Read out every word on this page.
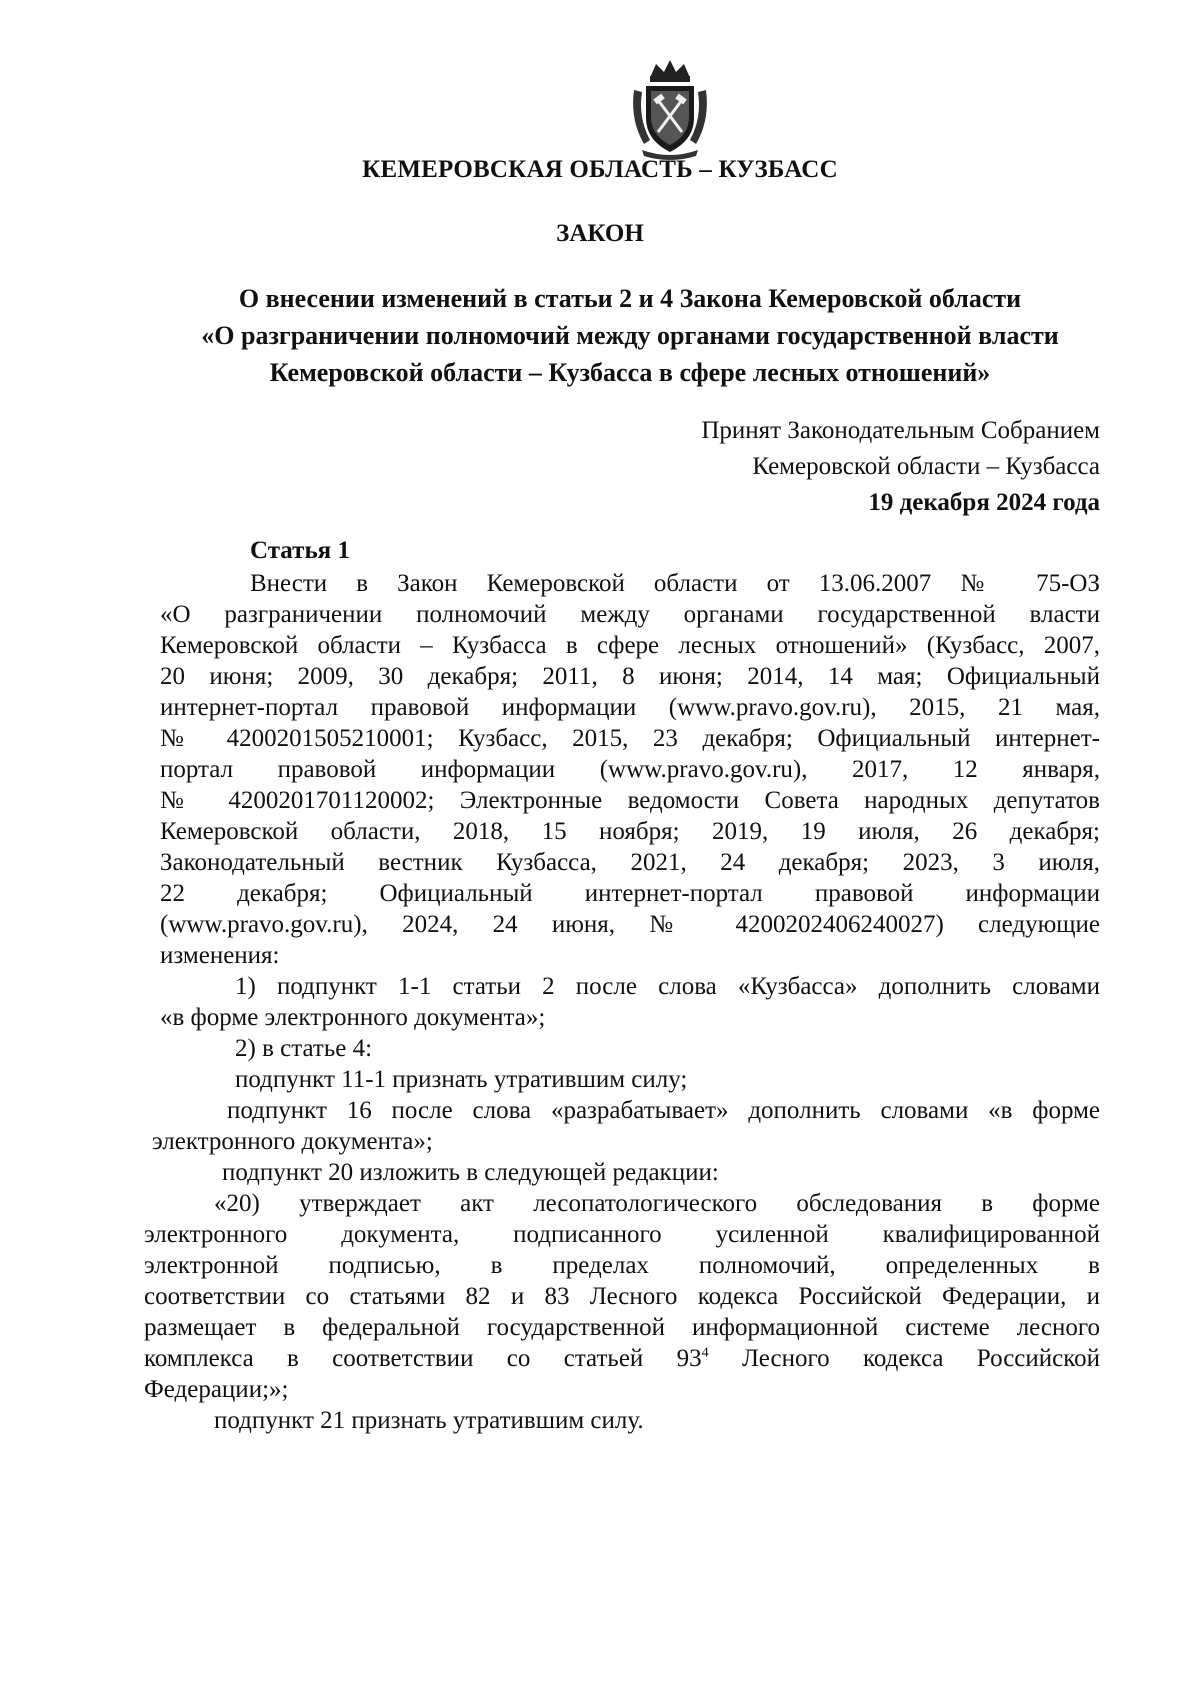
КЕМЕРОВСКАЯ ОБЛАСТЬ – КУЗБАСС
ЗАКОН
О внесении изменений в статьи 2 и 4 Закона Кемеровской области
«О разграничении полномочий между органами государственной власти
Кемеровской области – Кузбасса в сфере лесных отношений»
Принят Законодательным Собранием
Кемеровской области – Кузбасса
19 декабря 2024 года
Статья 1
Внести в Закон Кемеровской области от 13.06.2007 № 75-ОЗ
«О разграничении полномочий между органами государственной власти
Кемеровской области – Кузбасса в сфере лесных отношений» (Кузбасс, 2007,
20 июня; 2009, 30 декабря; 2011, 8 июня; 2014, 14 мая; Официальный
интернет-портал правовой информации (www.pravo.gov.ru), 2015, 21 мая,
№ 4200201505210001; Кузбасс, 2015, 23 декабря; Официальный интернет-
портал правовой информации (www.pravo.gov.ru), 2017, 12 января,
№ 4200201701120002; Электронные ведомости Совета народных депутатов
Кемеровской области, 2018, 15 ноября; 2019, 19 июля, 26 декабря;
Законодательный вестник Кузбасса, 2021, 24 декабря; 2023, 3 июля,
22 декабря; Официальный интернет-портал правовой информации
(www.pravo.gov.ru), 2024, 24 июня, № 4200202406240027) следующие
изменения:
1) подпункт 1-1 статьи 2 после слова «Кузбасса» дополнить словами
«в форме электронного документа»;
2) в статье 4:
подпункт 11-1 признать утратившим силу;
подпункт 16 после слова «разрабатывает» дополнить словами «в форме
электронного документа»;
подпункт 20 изложить в следующей редакции:
«20) утверждает акт лесопатологического обследования в форме
электронного документа, подписанного усиленной квалифицированной
электронной подписью, в пределах полномочий, определенных в
соответствии со статьями 82 и 83 Лесного кодекса Российской Федерации, и
размещает в федеральной государственной информационной системе лесного
комплекса в соответствии со статьей $93^4$ Лесного кодекса Российской
Федерации;»;
подпункт 21 признать утратившим силу.
